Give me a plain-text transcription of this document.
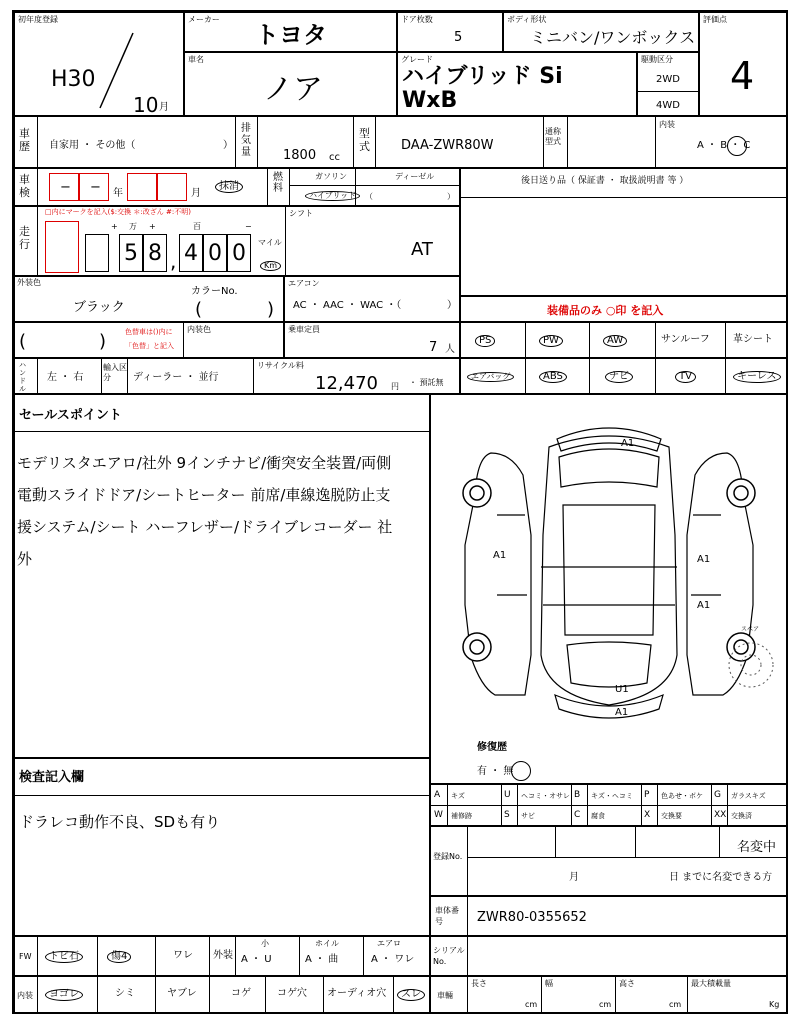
初年度登録
H30
10 月
メーカー
トヨタ
車名
ノア
ドア枚数
5
ボディ形状
ミニバン/ワンボックス
グレード
ハイブリッド Si WxB
駆動区分
2WD
4WD
評価点
4
車歴	自家用 ・ その他（	）
排気量 1800 cc
型式 DAA-ZWR80W
通称型式
内装
A ・ B ・ C
車検 − − 年	月
抹消
燃料
ガソリン	ディーゼル
ハイブリッド	（	）
後日送り品（ 保証書 ・ 取扱説明書 等 ）
走行
□内にマークを記入($:交換 ＊:改ざん #:不明)
+ 万 +	百	−
5 8 , 4 0 0	マイル
Km
シフト
AT
外装色
ブラック
カラーNo.
(	)
エアコン
AC ・ AAC ・ WAC ・（	）	装備品のみ ○印 を記入
(	)	色替車は()内に
「色替」と記入
内装色	乗車定員
7 人
PS	PW	AW	サンルーフ 革シート
ハンドル
左 ・ 右
輸入区分	ディーラー ・ 並行
リサイクル料
12,470 円 ・ 預託無
エアバッグ	ABS	ナビ	TV	キーレス
セールスポイント
モデリスタエアロ/社外 9インチナビ/衝突安全装置/両側
電動スライドドア/シートヒーター 前席/車線逸脱防止支
援システム/シート ハーフレザー/ドライブレコーダー 社
外
A1
A1	A1
A1
U1
A1
スペア
修復歴
有 ・ 無
検査記入欄
ドラレコ動作不良、SDも有り
A キズ	U ヘコミ・オサレ B キズ・ヘコミ P 色あせ・ボケ G ガラスキズ
W 補修跡	S サビ	C 腐食	X 交換要	XX 交換済
登録No.
名変中
月	日 までに名変できる方
車体番号	ZWR80-0355652
FW	トビ石	傷4	ワレ 外装
小
A ・ U
ホイル
A ・ 曲
エアロ
A ・ ワレ
シリアルNo.
内装	ヨゴレ	シミ	ヤブレ	コゲ	コゲ穴 オーディオ穴	スレ	車輛
長さ
cm
幅
cm
高さ
cm
最大積載量
Kg
